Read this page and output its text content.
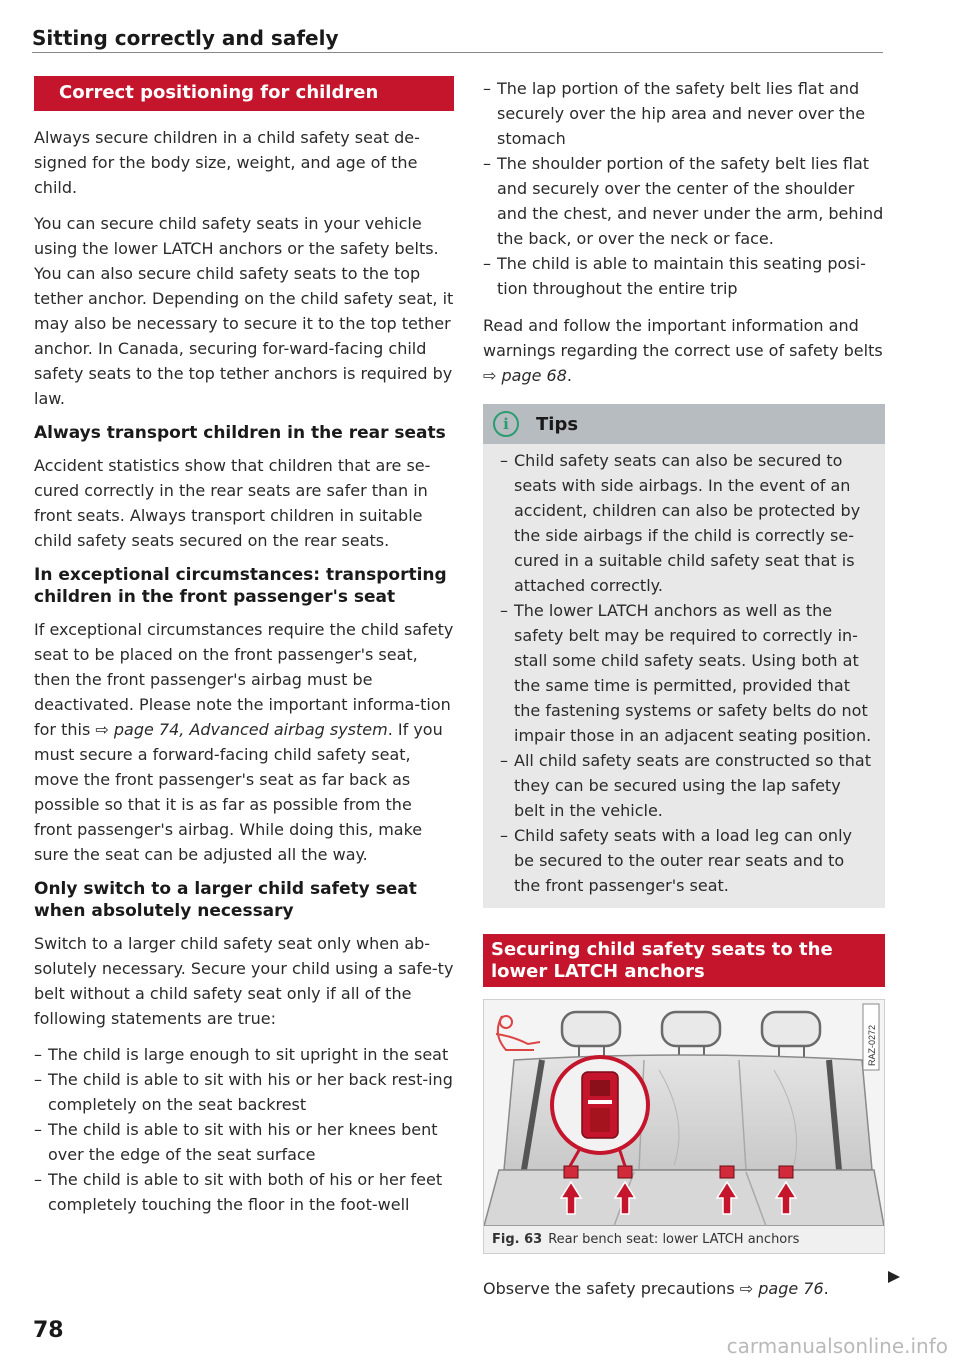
Sitting correctly and safely
Correct positioning for children

Always secure children in a child safety seat de-signed for the body size, weight, and age of the child.

You can secure child safety seats in your vehicle using the lower LATCH anchors or the safety belts. You can also secure child safety seats to the top tether anchor. Depending on the child safety seat, it may also be necessary to secure it to the top tether anchor. In Canada, securing for-ward-facing child safety seats to the top tether anchors is required by law.

Always transport children in the rear seats

Accident statistics show that children that are se-cured correctly in the rear seats are safer than in front seats. Always transport children in suitable child safety seats secured on the rear seats.

In exceptional circumstances: transporting children in the front passenger's seat

If exceptional circumstances require the child safety seat to be placed on the front passenger's seat, then the front passenger's airbag must be deactivated. Please note the important informa-tion for this ⇨ page 74, Advanced airbag system. If you must secure a forward-facing child safety seat, move the front passenger's seat as far back as possible so that it is as far as possible from the front passenger's airbag. While doing this, make sure the seat can be adjusted all the way.

Only switch to a larger child safety seat when absolutely necessary

Switch to a larger child safety seat only when ab-solutely necessary. Secure your child using a safe-ty belt without a child safety seat only if all of the following statements are true:

– The child is large enough to sit upright in the seat
– The child is able to sit with his or her back rest-ing completely on the seat backrest
– The child is able to sit with his or her knees bent over the edge of the seat surface
– The child is able to sit with both of his or her feet completely touching the floor in the foot-well
– The lap portion of the safety belt lies flat and securely over the hip area and never over the stomach
– The shoulder portion of the safety belt lies flat and securely over the center of the shoulder and the chest, and never under the arm, behind the back, or over the neck or face.
– The child is able to maintain this seating posi-tion throughout the entire trip

Read and follow the important information and warnings regarding the correct use of safety belts ⇨ page 68.

i	Tips
– Child safety seats can also be secured to seats with side airbags. In the event of an accident, children can also be protected by the side airbags if the child is correctly se-cured in a suitable child safety seat that is attached correctly.
– The lower LATCH anchors as well as the safety belt may be required to correctly in-stall some child safety seats. Using both at the same time is permitted, provided that the fastening systems or safety belts do not impair those in an adjacent seating position.
– All child safety seats are constructed so that they can be secured using the lap safety belt in the vehicle.
– Child safety seats with a load leg can only be secured to the outer rear seats and to the front passenger's seat.
Securing child safety seats to the lower LATCH anchors
RAZ-0272
Fig. 63 Rear bench seat: lower LATCH anchors

Observe the safety precautions ⇨ page 76.

78
carmanualsonline.info
